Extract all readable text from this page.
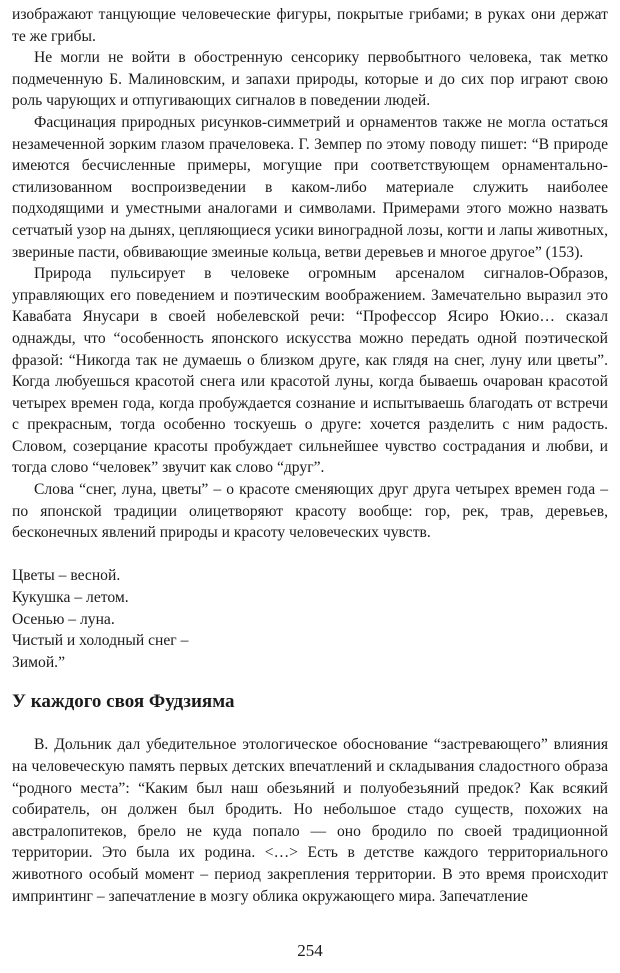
изображают танцующие человеческие фигуры, покрытые грибами; в руках они держат те же грибы.

Не могли не войти в обостренную сенсорику первобытного человека, так метко подмеченную Б. Малиновским, и запахи природы, которые и до сих пор играют свою роль чарующих и отпугивающих сигналов в поведении людей.

Фасцинация природных рисунков-симметрий и орнаментов также не могла остаться незамеченной зорким глазом прачеловека. Г. Земпер по этому поводу пишет: “В природе имеются бесчисленные примеры, могущие при соответствующем орнаментально-стилизованном воспроизведении в каком-либо материале служить наиболее подходящими и уместными аналогами и символами. Примерами этого можно назвать сетчатый узор на дынях, цепляющиеся усики виноградной лозы, когти и лапы животных, звериные пасти, обвивающие змеиные кольца, ветви деревьев и многое другое” (153).

Природа пульсирует в человеке огромным арсеналом сигналов-Образов, управляющих его поведением и поэтическим воображением. Замечательно выразил это Кавабата Янусари в своей нобелевской речи: “Профессор Ясиро Юкио… сказал однажды, что “особенность японского искусства можно передать одной поэтической фразой: “Никогда так не думаешь о близком друге, как глядя на снег, луну или цветы”. Когда любуешься красотой снега или красотой луны, когда бываешь очарован красотой четырех времен года, когда пробуждается сознание и испытываешь благодать от встречи с прекрасным, тогда особенно тоскуешь о друге: хочется разделить с ним радость. Словом, созерцание красоты пробуждает сильнейшее чувство сострадания и любви, и тогда слово “человек” звучит как слово “друг”.

Слова “снег, луна, цветы” – о красоте сменяющих друг друга четырех времен года – по японской традиции олицетворяют красоту вообще: гор, рек, трав, деревьев, бесконечных явлений природы и красоту человеческих чувств.

Цветы – весной.
Кукушка – летом.
Осенью – луна.
Чистый и холодный снег –
Зимой.”
У каждого своя Фудзияма

В. Дольник дал убедительное этологическое обоснование “застревающего” влияния на человеческую память первых детских впечатлений и складывания сладостного образа “родного места”: “Каким был наш обезьяний и полуобезьяний предок? Как всякий собиратель, он должен был бродить. Но небольшое стадо существ, похожих на австралопитеков, брело не куда попало — оно бродило по своей традиционной территории. Это была их родина. <…> Есть в детстве каждого территориального животного особый момент – период закрепления территории. В это время происходит импринтинг – запечатление в мозгу облика окружающего мира. Запечатление

254
